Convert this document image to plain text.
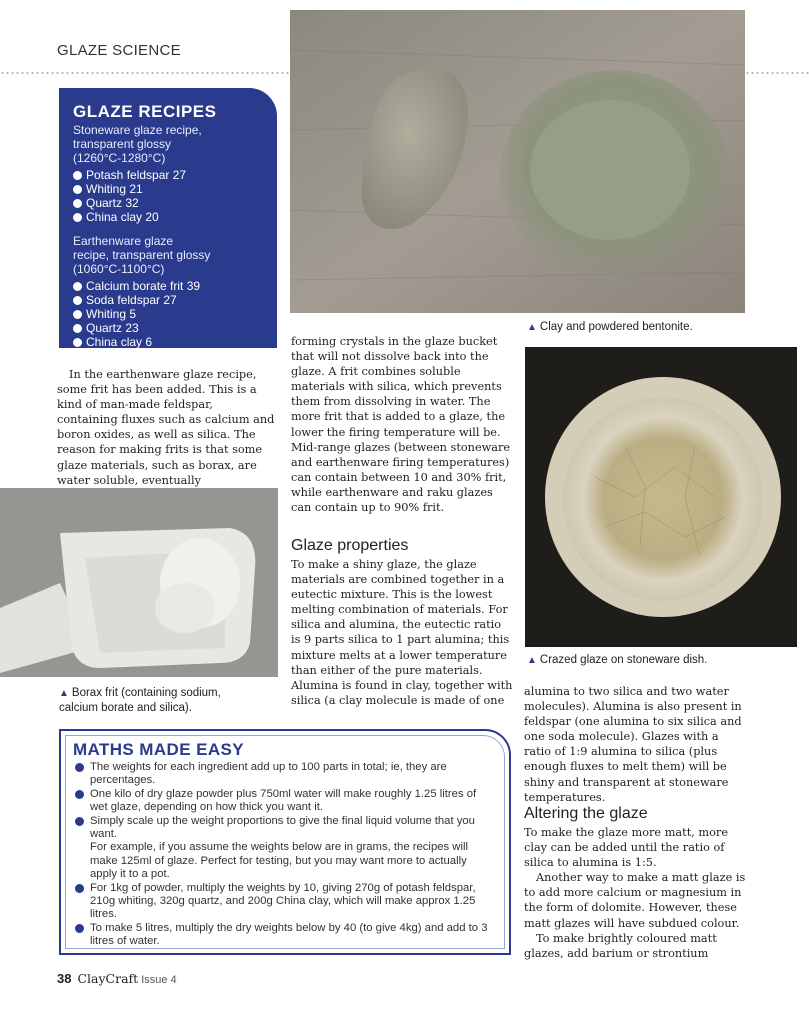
GLAZE SCIENCE
▲ Clay and powdered bentonite.
▲ Crazed glaze on stoneware dish.
▲ Borax frit (containing sodium,
calcium borate and silica).
GLAZE RECIPES
Stoneware glaze recipe,
transparent glossy
(1260°C-1280°C)
Potash feldspar 27
Whiting 21
Quartz 32
China clay 20
Earthenware glaze
recipe, transparent glossy
(1060°C-1100°C)
Calcium borate frit 39
Soda feldspar 27
Whiting 5
Quartz 23
China clay 6

In the earthenware glaze recipe, some frit has been added. This is a kind of man-made feldspar, containing fluxes such as calcium and boron oxides, as well as silica. The reason for making frits is that some glaze materials, such as borax, are water soluble, eventually

forming crystals in the glaze bucket that will not dissolve back into the glaze. A frit combines soluble materials with silica, which prevents them from dissolving in water. The more frit that is added to a glaze, the lower the firing temperature will be. Mid-range glazes (between stoneware and earthenware firing temperatures) can contain between 10 and 30% frit, while earthenware and raku glazes can contain up to 90% frit.

Glaze properties

To make a shiny glaze, the glaze materials are combined together in a eutectic mixture. This is the lowest melting combination of materials. For silica and alumina, the eutectic ratio is 9 parts silica to 1 part alumina; this mixture melts at a lower temperature than either of the pure materials. Alumina is found in clay, together with silica (a clay molecule is made of one

alumina to two silica and two water molecules). Alumina is also present in feldspar (one alumina to six silica and one soda molecule). Glazes with a ratio of 1:9 alumina to silica (plus enough fluxes to melt them) will be shiny and transparent at stoneware temperatures.

Altering the glaze

To make the glaze more matt, more clay can be added until the ratio of silica to alumina is 1:5.

Another way to make a matt glaze is to add more calcium or magnesium in the form of dolomite. However, these matt glazes will have subdued colour.

To make brightly coloured matt glazes, add barium or strontium

MATHS MADE EASY
The weights for each ingredient add up to 100 parts in total; ie, they are percentages.
One kilo of dry glaze powder plus 750ml water will make roughly 1.25 litres of wet glaze, depending on how thick you want it.
Simply scale up the weight proportions to give the final liquid volume that you want.
For example, if you assume the weights below are in grams, the recipes will make 125ml of glaze. Perfect for testing, but you may want more to actually apply it to a pot.
For 1kg of powder, multiply the weights by 10, giving 270g of potash feldspar, 210g whiting, 320g quartz, and 200g China clay, which will make approx 1.25 litres.
To make 5 litres, multiply the dry weights below by 40 (to give 4kg) and add to 3 litres of water.
38 ClayCraft Issue 4
